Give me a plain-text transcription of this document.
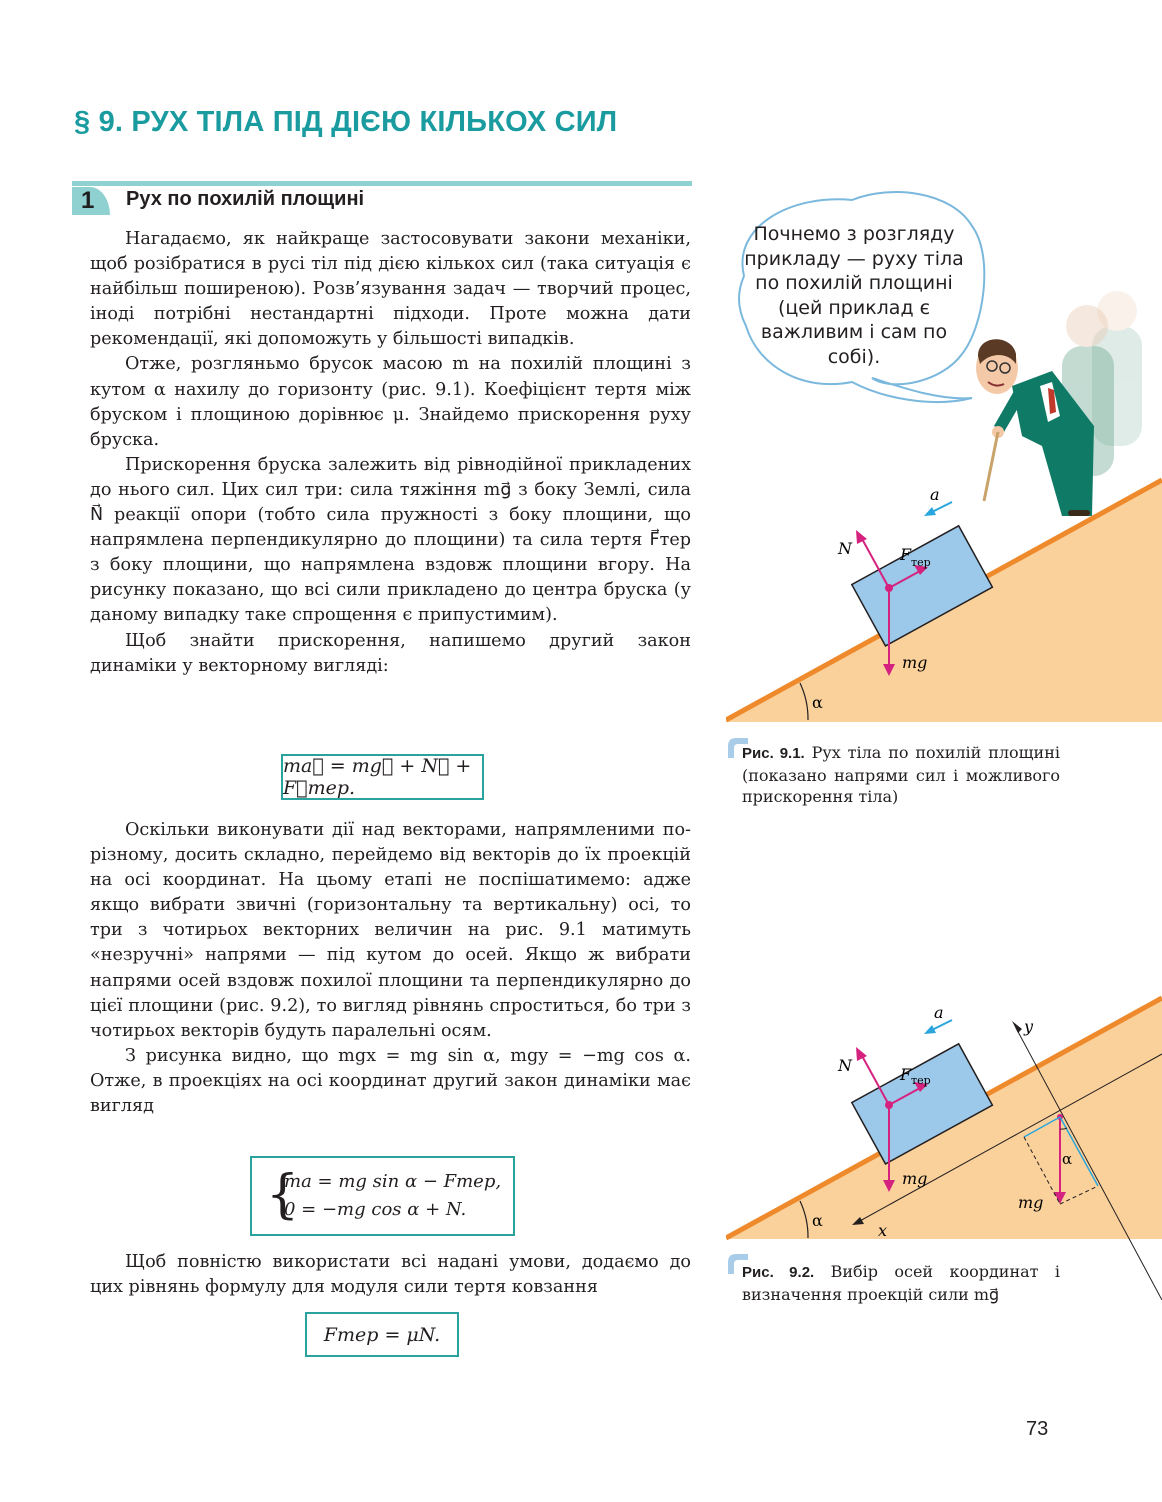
§ 9. РУХ ТІЛА ПІД ДІЄЮ КІЛЬКОХ СИЛ
1	Рух по похилій площині

Нагадаємо, як найкраще застосовувати закони механіки, щоб розібратися в русі тіл під дією кількох сил (така ситуація є найбільш поширеною). Розв’язування задач — творчий процес, іноді потрібні нестандартні підходи. Проте можна дати рекомендації, які допоможуть у більшості випадків.

Отже, розгляньмо брусок масою m на похилій площині з кутом α нахилу до горизонту (рис. 9.1). Коефіцієнт тертя між бруском і площиною дорівнює μ. Знайдемо прискорення руху бруска.

Прискорення бруска залежить від рівнодійної прикладених до нього сил. Цих сил три: сила тяжіння mg⃗ з боку Землі, сила N⃗ реакції опори (тобто сила пружності з боку площини, що напрямлена перпендикулярно до площини) та сила тертя F⃗тер з боку площини, що напрямлена вздовж площини вгору. На рисунку показано, що всі сили прикладено до центра бруска (у даному випадку таке спрощення є припустимим).

Щоб знайти прискорення, напишемо другий закон динаміки у векторному вигляді:

ma⃗ = mg⃗ + N⃗ + F⃗тер.

Оскільки виконувати дії над векторами, напрямленими по-різному, досить складно, перейдемо від векторів до їх проекцій на осі координат. На цьому етапі не поспішатимемо: адже якщо вибрати звичні (горизонтальну та вертикальну) осі, то три з чотирьох векторних величин на рис. 9.1 матимуть «незручні» напрями — під кутом до осей. Якщо ж вибрати напрями осей вздовж похилої площини та перпендикулярно до цієї площини (рис. 9.2), то вигляд рівнянь спроститься, бо три з чотирьох векторів будуть паралельні осям.

З рисунка видно, що mgx = mg sin α, mgy = −mg cos α. Отже, в проекціях на осі координат другий закон динаміки має вигляд

{
ma = mg sin α − Fтер,
0 = −mg cos α + N.

Щоб повністю використати всі надані умови, додаємо до цих рівнянь формулу для модуля сили тертя ковзання

Fтер = μN.
Почнемо з розгляду прикладу — руху тіла по похилій площині (цей приклад є важливим і сам по собі).
α
a
N	F тер
mg
Рис. 9.1. Рух тіла по похилій площині (показано напрями сил і можливого прискорення тіла)
α
y
x
α
a
N	F тер
mg
mg
Рис. 9.2. Вибір осей координат і визначення проекцій сили mg⃗
73
